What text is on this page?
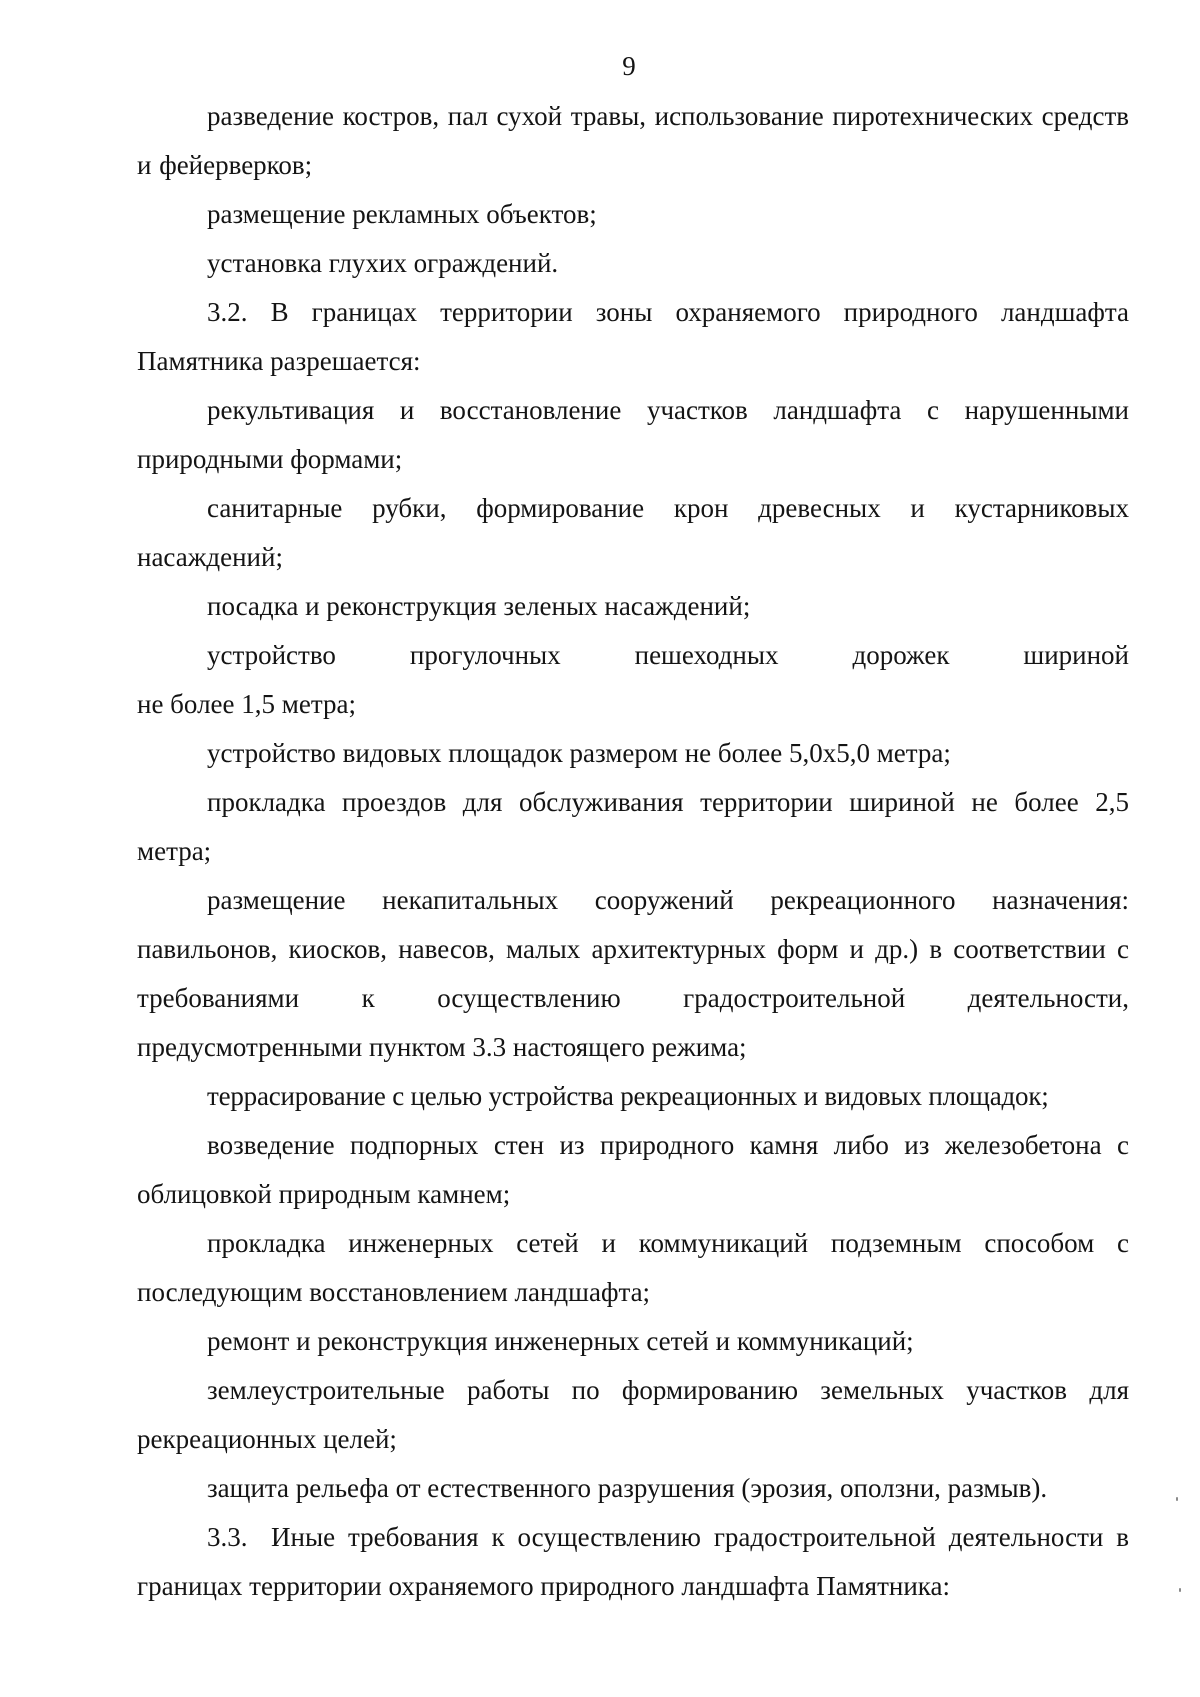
9

разведение костров, пал сухой травы, использование пиротехнических средств и фейерверков;

размещение рекламных объектов;

установка глухих ограждений.

3.2. В границах территории зоны охраняемого природного ландшафта Памятника разрешается:

рекультивация и восстановление участков ландшафта с нарушенными природными формами;

санитарные рубки, формирование крон древесных и кустарниковых насаждений;

посадка и реконструкция зеленых насаждений;

устройство прогулочных пешеходных дорожек шириной

не более 1,5 метра;

устройство видовых площадок размером не более 5,0х5,0 метра;

прокладка проездов для обслуживания территории шириной не более 2,5 метра;

размещение некапитальных сооружений рекреационного назначения: павильонов, киосков, навесов, малых архитектурных форм и др.) в соответствии с требованиями к осуществлению градостроительной деятельности, предусмотренными пунктом 3.3 настоящего режима;

террасирование с целью устройства рекреационных и видовых площадок;

возведение подпорных стен из природного камня либо из железобетона с облицовкой природным камнем;

прокладка инженерных сетей и коммуникаций подземным способом с последующим восстановлением ландшафта;

ремонт и реконструкция инженерных сетей и коммуникаций;

землеустроительные работы по формированию земельных участков для рекреационных целей;

защита рельефа от естественного разрушения (эрозия, оползни, размыв).

3.3. Иные требования к осуществлению градостроительной деятельности в границах территории охраняемого природного ландшафта Памятника:
